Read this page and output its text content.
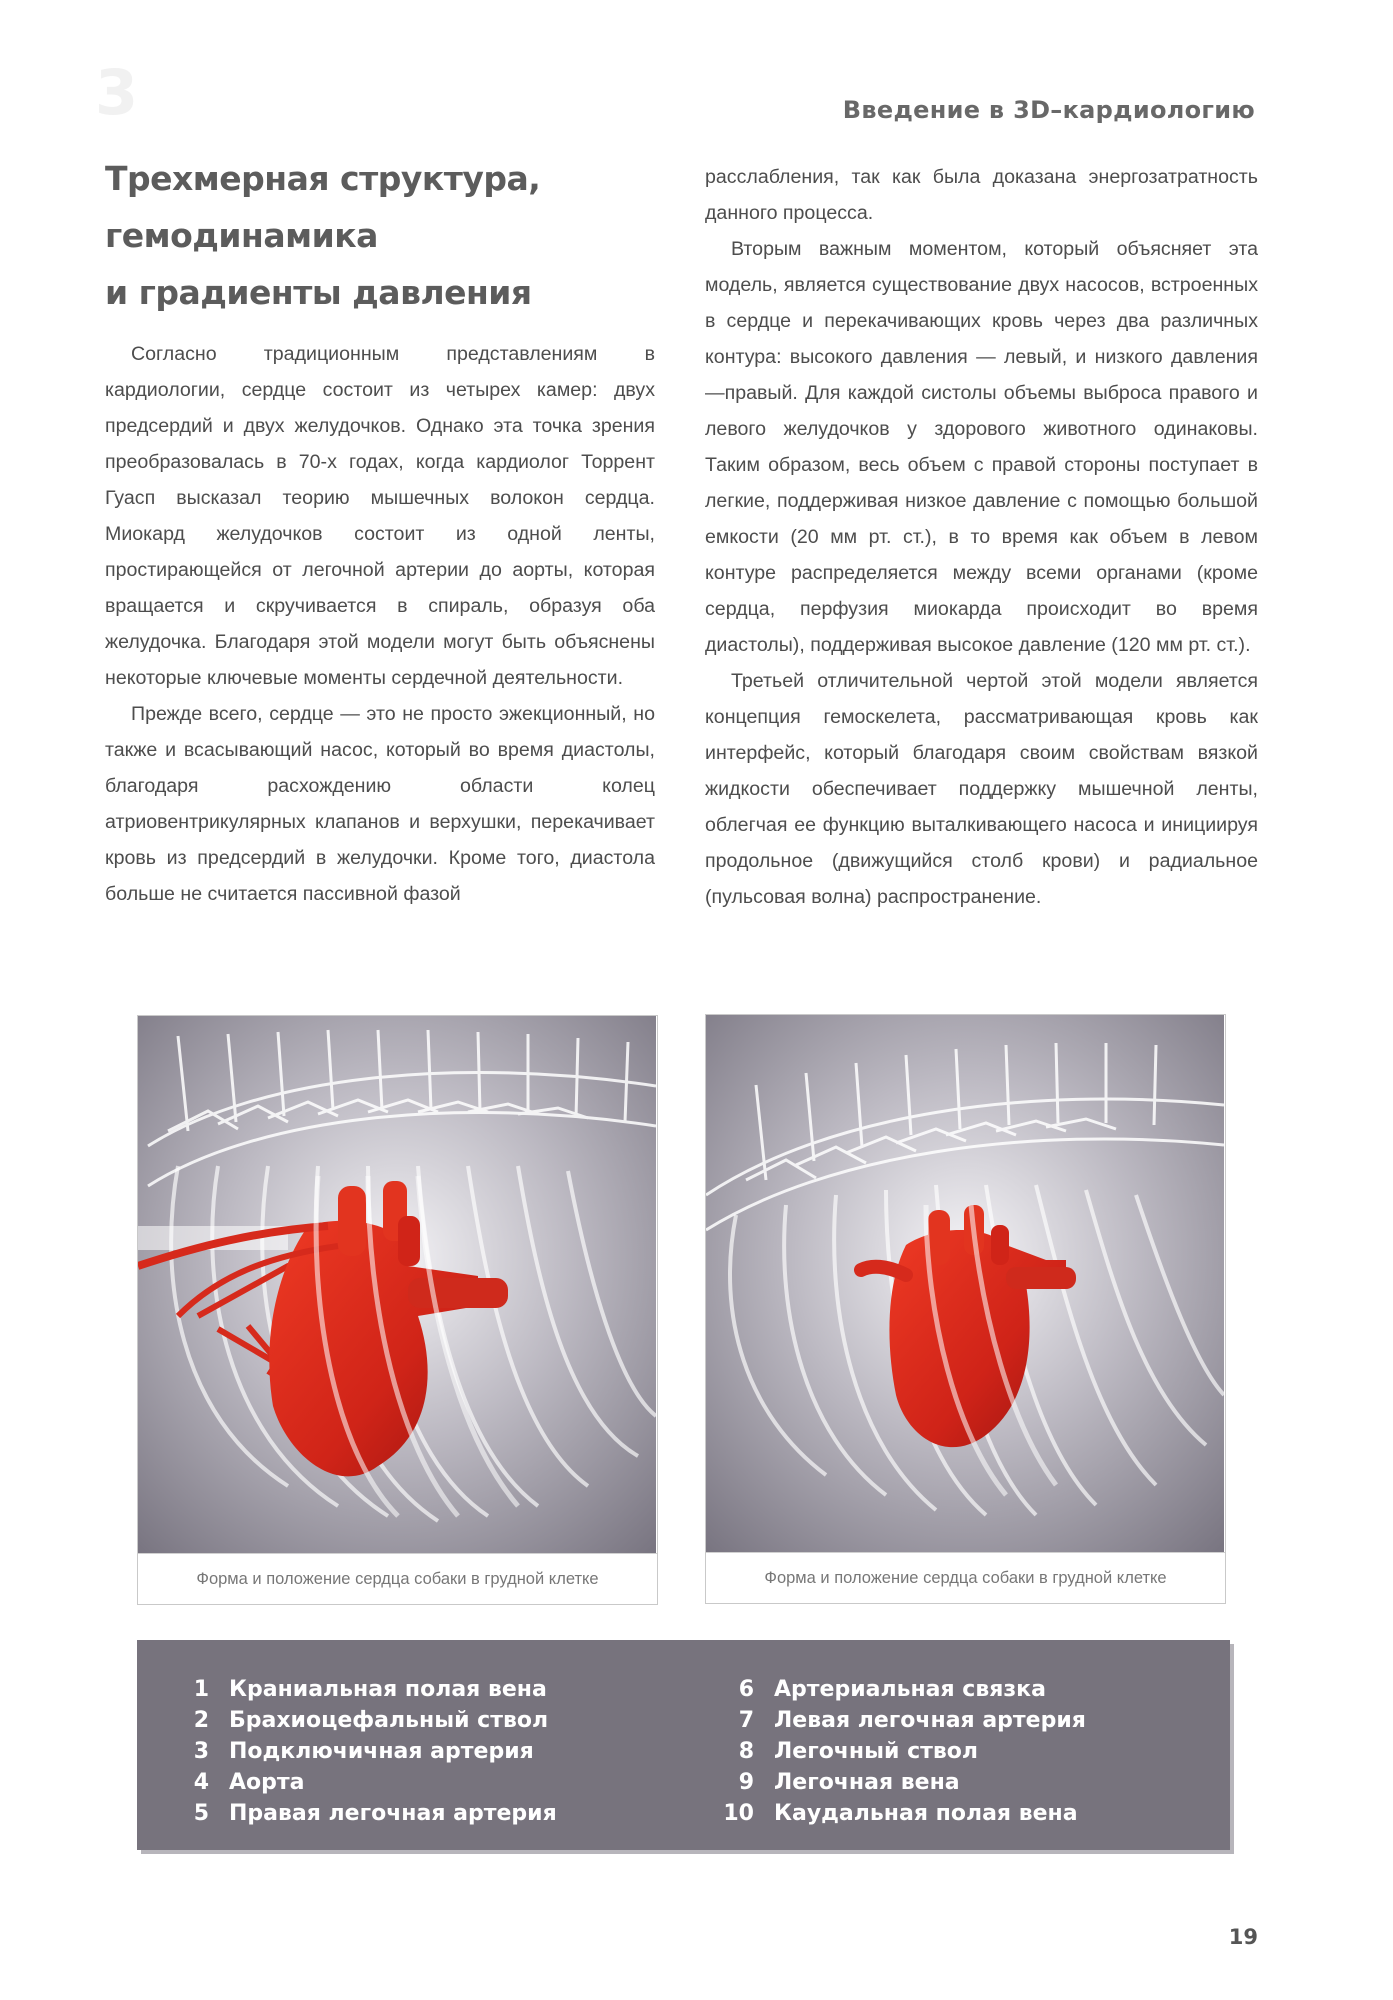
3	Введение в 3D–кардиологию
Трехмерная структура,
гемодинамика
и градиенты давления

Согласно традиционным представлениям в кардиологии, сердце состоит из четырех камер: двух предсердий и двух желудочков. Однако эта точка зрения преобразовалась в 70-х годах, когда кардиолог Торрент Гуасп высказал теорию мышечных волокон сердца. Миокард желудочков состоит из одной ленты, простирающейся от легочной артерии до аорты, которая вращается и скручивается в спираль, образуя оба желудочка. Благодаря этой модели могут быть объяснены некоторые ключевые моменты сердечной деятельности.

Прежде всего, сердце — это не просто эжекционный, но также и всасывающий насос, который во время диастолы, благодаря расхождению области колец атриовентрикулярных клапанов и верхушки, перекачивает кровь из предсердий в желудочки. Кроме того, диастола больше не считается пассивной фазой

расслабления, так как была доказана энергозатратность данного процесса.

Вторым важным моментом, который объясняет эта модель, является существование двух насосов, встроенных в сердце и перекачивающих кровь через два различных контура: высокого давления — левый, и низкого давления —правый. Для каждой систолы объемы выброса правого и левого желудочков у здорового животного одинаковы. Таким образом, весь объем с правой стороны поступает в легкие, поддерживая низкое давление с помощью большой емкости (20 мм рт. ст.), в то время как объем в левом контуре распределяется между всеми органами (кроме сердца, перфузия миокарда происходит во время диастолы), поддерживая высокое давление (120 мм рт. ст.).

Третьей отличительной чертой этой модели является концепция гемоскелета, рассматривающая кровь как интерфейс, который благодаря своим свойствам вязкой жидкости обеспечивает поддержку мышечной ленты, облегчая ее функцию выталкивающего насоса и инициируя продольное (движущийся столб крови) и радиальное (пульсовая волна) распространение.

Форма и положение сердца собаки в грудной клетке	Форма и положение сердца собаки в грудной клетке
1 Краниальная полая вена
2 Брахиоцефальный ствол
3 Подключичная артерия
4 Аорта
5 Правая легочная артерия
6 Артериальная связка
7 Левая легочная артерия
8 Легочный ствол
9 Легочная вена
10 Каудальная полая вена
19
